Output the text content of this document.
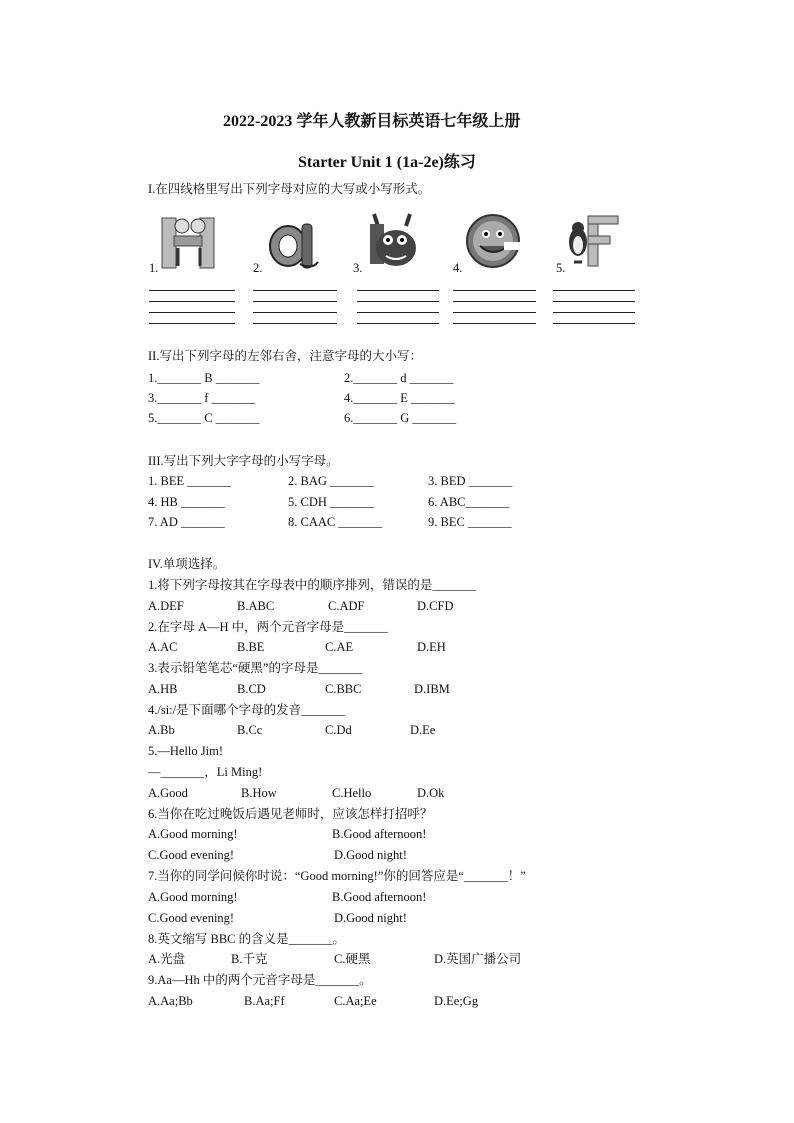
2022-2023 学年人教新目标英语七年级上册
Starter Unit 1 (1a-2e)练习
I.在四线格里写出下列字母对应的大写或小写形式。
1.	2.	3.	4.	5.
II.写出下列字母的左邻右舍，注意字母的大小写：
1._______ B _______	2._______ d _______
3._______ f _______	4._______ E _______
5._______ C _______	6._______ G _______
III.写出下列大字字母的小写字母。
1. BEE _______	2. BAG _______	3. BED _______
4. HB _______	5. CDH _______	6. ABC_______
7. AD _______	8. CAAC _______	9. BEC _______
IV.单项选择。
1.将下列字母按其在字母表中的顺序排列，错误的是_______
A.DEF	B.ABC	C.ADF	D.CFD
2.在字母 A—H 中，两个元音字母是_______
A.AC	B.BE	C.AE	D.EH
3.表示铅笔笔芯“硬黑”的字母是_______
A.HB	B.CD	C.BBC	D.IBM
4./si:/是下面哪个字母的发音_______
A.Bb	B.Cc	C.Dd	D.Ee
5.—Hello Jim!
—_______，Li Ming!
A.Good	B.How	C.Hello	D.Ok
6.当你在吃过晚饭后遇见老师时，应该怎样打招呼？
A.Good morning!	B.Good afternoon!
C.Good evening!	D.Good night!
7.当你的同学问候你时说：“Good morning!”你的回答应是“_______！”
A.Good morning!	B.Good afternoon!
C.Good evening!	D.Good night!
8.英文缩写 BBC 的含义是_______。
A.光盘	B.千克	C.硬黑	D.英国广播公司
9.Aa—Hh 中的两个元音字母是_______。
A.Aa;Bb	B.Aa;Ff	C.Aa;Ee	D.Ee;Gg
